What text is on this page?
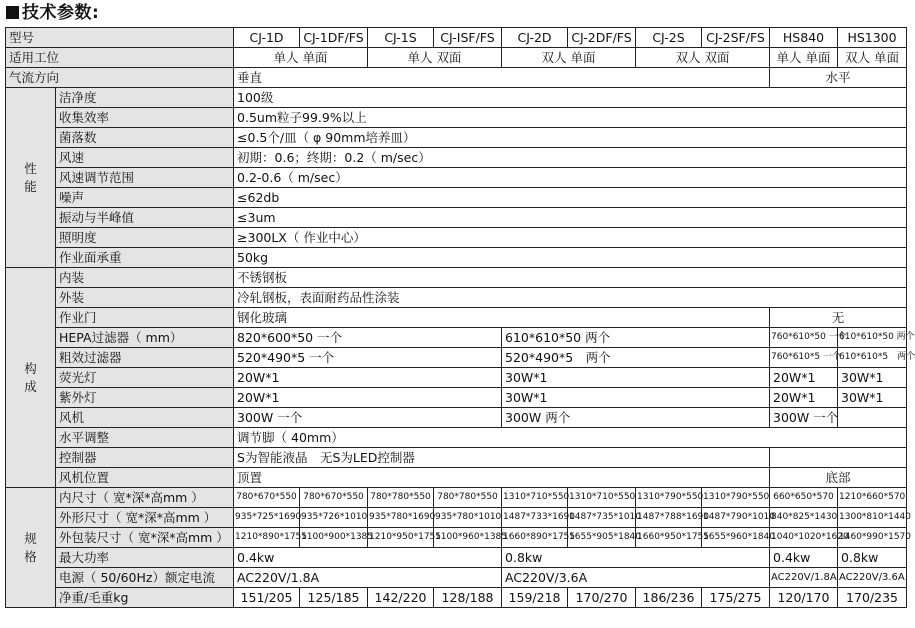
技术参数:
型号		CJ-1D	CJ-1DF/FS	CJ-1S	CJ-ISF/FS	CJ-2D	CJ-2DF/FS	CJ-2S	CJ-2SF/FS	HS840	HS1300
适用工位		单人 单面		单人 双面		双人 单面		双人 双面		单人 单面	双人 单面
气流方向		垂直								水平	

性能	洁净度	100级									
	收集效率	0.5um粒子99.9%以上									
	菌落数	≤0.5个/皿（ φ 90mm培养皿）									
	风速	初期：0.6；终期：0.2（ m/sec）									
	风速调节范围	0.2-0.6（ m/sec）									
	噪声	≤62db									
	振动与半峰值	≤3um									
	照明度	≥300LX（ 作业中心）									
	作业面承重	50kg									

构成	内装	不锈钢板									
	外装	冷轧钢板，表面耐药品性涂装									
	作业门	钢化玻璃								无	
	HEPA过滤器（ mm）	820*600*50 一个				610*610*50 两个				760*610*50 一个	610*610*50 两个
	粗效过滤器	520*490*5 一个				520*490*5　两个				760*610*5 一个	610*610*5　两个
	荧光灯	20W*1				30W*1				20W*1	30W*1
	紫外灯	20W*1				30W*1				20W*1	30W*1
	风机	300W 一个				300W 两个				300W 一个	
	水平调整	调节脚（ 40mm）									
	控制器	S为智能液晶　无S为LED控制器									
	风机位置	顶置								底部	

规格	内尺寸（ 宽*深*高mm ）	780*670*550	780*670*550	780*780*550	780*780*550	1310*710*550	1310*710*550	1310*790*550	1310*790*550	660*650*570	1210*660*570
	外形尺寸（ 宽*深*高mm ）	935*725*1690	935*726*1010	935*780*1690	935*780*1010	1487*733*1690	1487*735*1010	1487*788*1690	1487*790*1010	840*825*1430	1300*810*1440
	外包装尺寸（ 宽*深*高mm ）	1210*890*1755	1100*900*1385	1210*950*1755	1100*960*1385	1660*890*1755	1655*905*1840	1660*950*1755	1655*960*1840	1040*1020*1620	1460*990*1570
	最大功率	0.4kw				0.8kw				0.4kw	0.8kw
	电源（ 50/60Hz）额定电流	AC220V/1.8A				AC220V/3.6A				AC220V/1.8A	AC220V/3.6A
	净重/毛重kg	151/205	125/185	142/220	128/188	159/218	170/270	186/236	175/275	120/170	170/235
